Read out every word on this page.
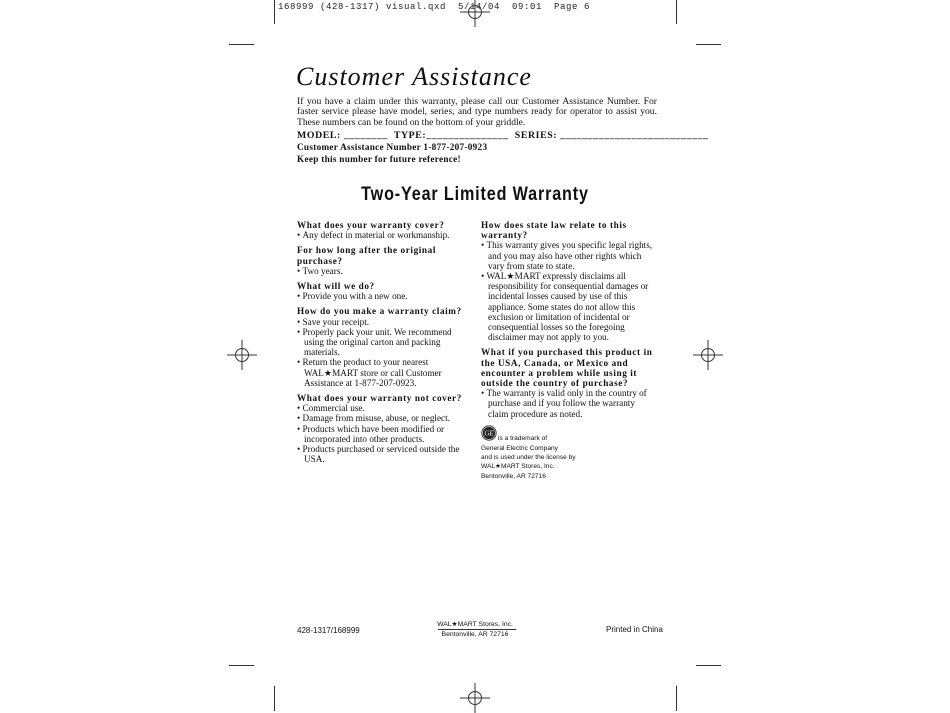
168999 (428-1317) visual.qxd  5/14/04  09:01  Page 6
Customer Assistance

If you have a claim under this warranty, please call our Customer Assistance Number. For faster service please have model, series, and type numbers ready for operator to assist you. These numbers can be found on the bottom of your griddle.

MODEL: ________  TYPE:_______________  SERIES: ___________________________
Customer Assistance Number 1-877-207-0923
Keep this number for future reference!
Two-Year Limited Warranty

What does your warranty cover?

• Any defect in material or workmanship.

For how long after the original purchase?

• Two years.

What will we do?

• Provide you with a new one.

How do you make a warranty claim?

• Save your receipt.

• Properly pack your unit. We recommend using the original carton and packing materials.

• Return the product to your nearest WAL★MART store or call Customer Assistance at 1-877-207-0923.

What does your warranty not cover?

• Commercial use.

• Damage from misuse, abuse, or neglect.

• Products which have been modified or incorporated into other products.

• Products purchased or serviced outside the USA.

How does state law relate to this warranty?

• This warranty gives you specific legal rights, and you may also have other rights which vary from state to state.

• WAL★MART expressly disclaims all responsibility for consequential damages or incidental losses caused by use of this appliance. Some states do not allow this exclusion or limitation of incidental or consequential losses so the foregoing disclaimer may not apply to you.

What if you purchased this product in the USA, Canada, or Mexico and encounter a problem while using it outside the country of purchase?

• The warranty is valid only in the country of purchase and if you follow the warranty claim procedure as noted.

GE
is a trademark of
General Electric Company
and is used under the license by
WAL★MART Stores, Inc.
Bentonville, AR 72716
428-1317/168999
WAL★MART Stores, Inc.
Bentonville, AR 72716	Printed in China
